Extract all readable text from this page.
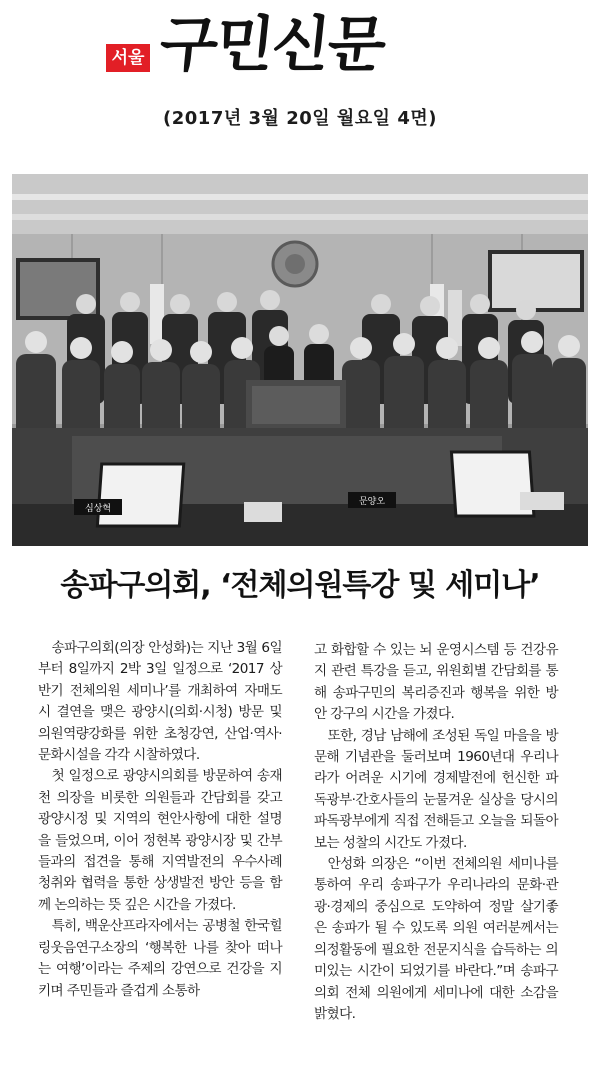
서울 구민신문
(2017년 3월 20일 월요일 4면)
심상혁
문양오
송파구의회, ‘전체의원특강 및 세미나’

송파구의회(의장 안성화)는 지난 3월 6일부터 8일까지 2박 3일 일정으로 ‘2017 상반기 전체의원 세미나’를 개최하여 자매도시 결연을 맺은 광양시(의회·시청) 방문 및 의원역량강화를 위한 초청강연, 산업·역사·문화시설을 각각 시찰하였다.

첫 일정으로 광양시의회를 방문하여 송재천 의장을 비롯한 의원들과 간담회를 갖고 광양시정 및 지역의 현안사항에 대한 설명을 들었으며, 이어 정현복 광양시장 및 간부들과의 접견을 통해 지역발전의 우수사례 청취와 협력을 통한 상생발전 방안 등을 함께 논의하는 뜻 깊은 시간을 가졌다.

특히, 백운산프라자에서는 공병철 한국힐링웃음연구소장의 ‘행복한 나를 찾아 떠나는 여행’이라는 주제의 강연으로 건강을 지키며 주민들과 즐겁게 소통하

고 화합할 수 있는 뇌 운영시스템 등 건강유지 관련 특강을 듣고, 위원회별 간담회를 통해 송파구민의 복리증진과 행복을 위한 방안 강구의 시간을 가졌다.

또한, 경남 남해에 조성된 독일 마을을 방문해 기념관을 둘러보며 1960년대 우리나라가 어려운 시기에 경제발전에 헌신한 파독광부·간호사들의 눈물겨운 실상을 당시의 파독광부에게 직접 전해듣고 오늘을 되돌아보는 성찰의 시간도 가졌다.

안성화 의장은 “이번 전체의원 세미나를 통하여 우리 송파구가 우리나라의 문화·관광·경제의 중심으로 도약하여 정말 살기좋은 송파가 될 수 있도록 의원 여러분께서는 의정활동에 필요한 전문지식을 습득하는 의미있는 시간이 되었기를 바란다.”며 송파구의회 전체 의원에게 세미나에 대한 소감을 밝혔다.
